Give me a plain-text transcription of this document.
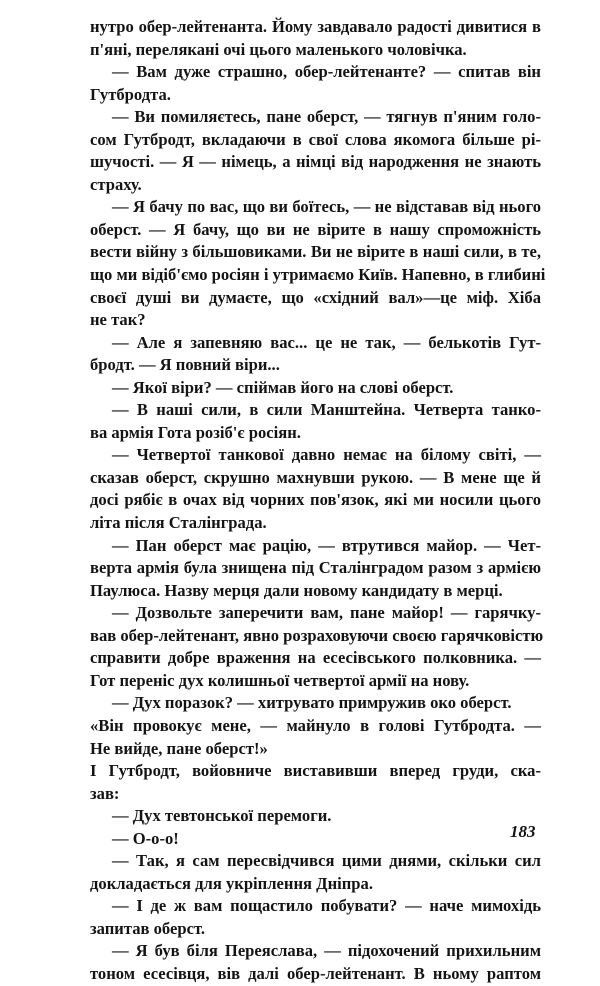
нутро обер-лейтенанта. Йому завдавало радості дивитися в
п'яні, перелякані очі цього маленького чоловічка.
— Вам дуже страшно, обер-лейтенанте? — спитав він
Гутбродта.
— Ви помиляєтесь, пане оберст, — тягнув п'яним голо-
сом Гутбродт, вкладаючи в свої слова якомога більше рі-
шучості. — Я — німець, а німці від народження не знають
страху.
— Я бачу по вас, що ви боїтесь, — не відставав від нього
оберст. — Я бачу, що ви не вірите в нашу спроможність
вести війну з більшовиками. Ви не вірите в наші сили, в те,
що ми відіб'ємо росіян і утримаємо Київ. Напевно, в глибині
своєї душі ви думаєте, що «східний вал»—це міф. Хіба
не так?
— Але я запевняю вас... це не так, — белькотів Гут-
бродт. — Я повний віри...
— Якої віри? — спіймав його на слові оберст.
— В наші сили, в сили Манштейна. Четверта танко-
ва армія Гота розіб'є росіян.
— Четвертої танкової давно немає на білому світі, —
сказав оберст, скрушно махнувши рукою. — В мене ще й
досі рябіє в очах від чорних пов'язок, які ми носили цього
літа після Сталінграда.
— Пан оберст має рацію, — втрутився майор. — Чет-
верта армія була знищена під Сталінградом разом з армією
Паулюса. Назву мерця дали новому кандидату в мерці.
— Дозвольте заперечити вам, пане майор! — гарячку-
вав обер-лейтенант, явно розраховуючи своєю гарячковістю
справити добре враження на есесівського полковника. —
Гот переніс дух колишньої четвертої армії на нову.
— Дух поразок? — хитрувато примружив око оберст.
«Він провокує мене, — майнуло в голові Гутбродта. —
Не вийде, пане оберст!»
І Гутбродт, войовниче виставивши вперед груди, ска-
зав:
— Дух тевтонської перемоги.
— О-о-о!
— Так, я сам пересвідчився цими днями, скільки сил
докладається для укріплення Дніпра.
— І де ж вам пощастило побувати? — наче мимохідь
запитав оберст.
— Я був біля Переяслава, — підохочений прихильним
тоном есесівця, вів далі обер-лейтенант. В ньому раптом
183
